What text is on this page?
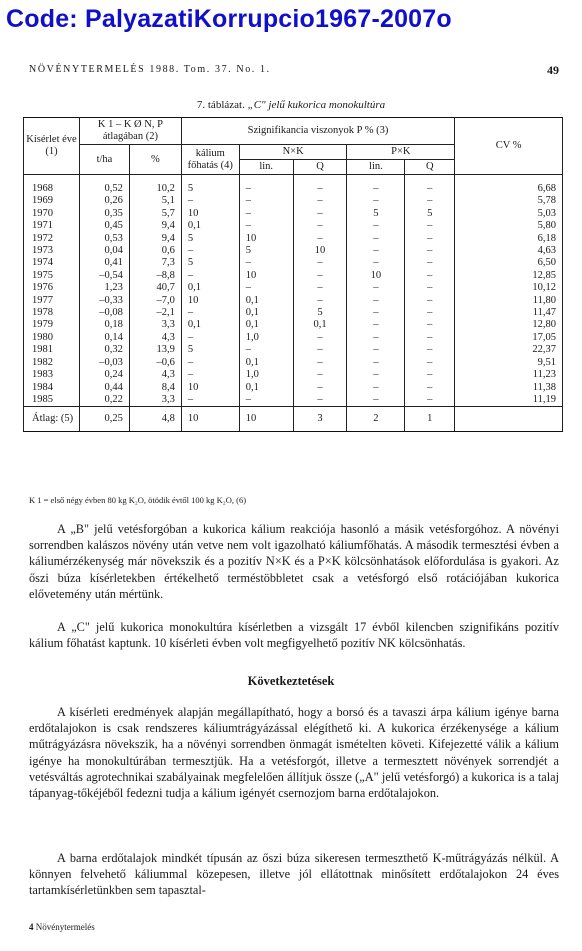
Code: PalyazatiKorrupcio1967-2007o
NÖVÉNYTERMELÉS 1988. Tom. 37. No. 1.	49
7. táblázat. „C" jelű kukorica monokultúra
Kísérlet éve (1)	K 1 – K Ø N, P átlagában (2)		Szignifikancia viszonyok P % (3)					CV %
	t/ha	%	kálium főhatás (4)	N×K		P×K		
				lin.	Q	lin.	Q	
1968	0,52	10,2	5	–	–	–	–	6,68
1969	0,26	5,1	–	–	–	–	–	5,78
1970	0,35	5,7	10	–	–	5	5	5,03
1971	0,45	9,4	0,1	–	–	–	–	5,80
1972	0,53	9,4	5	10	–	–	–	6,18
1973	0,04	0,6	–	5	10	–	–	4,63
1974	0,41	7,3	5	–	–	–	–	6,50
1975	–0,54	–8,8	–	10	–	10	–	12,85
1976	1,23	40,7	0,1	–	–	–	–	10,12
1977	–0,33	–7,0	10	0,1	–	–	–	11,80
1978	–0,08	–2,1	–	0,1	5	–	–	11,47
1979	0,18	3,3	0,1	0,1	0,1	–	–	12,80
1980	0,14	4,3	–	1,0	–	–	–	17,05
1981	0,32	13,9	5	–	–	–	–	22,37
1982	–0,03	–0,6	–	0,1	–	–	–	9,51
1983	0,24	4,3	–	1,0	–	–	–	11,23
1984	0,44	8,4	10	0,1	–	–	–	11,38
1985	0,22	3,3	–	–	–	–	–	11,19
Átlag: (5)	0,25	4,8	10	10	3	2	1	
K 1 = első négy évben 80 kg K₂O, ötödik évtől 100 kg K₂O, (6)

A „B" jelű vetésforgóban a kukorica kálium reakciója hasonló a másik vetésforgóhoz. A növényi sorrendben kalászos növény után vetve nem volt igazolható káliumfőhatás. A második termesztési évben a káliumérzékenység már növekszik és a pozitív N×K és a P×K kölcsönhatások előfordulása is gyakori. Az őszi búza kísérletekben értékelhető terméstöbbletet csak a vetésforgó első rotációjában kukorica elővetemény után mértünk.

A „C" jelű kukorica monokultúra kísérletben a vizsgált 17 évből kilencben szignifikáns pozitív kálium főhatást kaptunk. 10 kísérleti évben volt megfigyelhető pozitív NK kölcsönhatás.

Következtetések

A kísérleti eredmények alapján megállapítható, hogy a borsó és a tavaszi árpa kálium igénye barna erdőtalajokon is csak rendszeres káliumtrágyázással elégíthető ki. A kukorica érzékenysége a kálium műtrágyázásra növekszik, ha a növényi sorrendben önmagát ismételten követi. Kifejezetté válik a kálium igénye ha monokultúrában termesztjük. Ha a vetésforgót, illetve a termesztett növények sorrendjét a vetésváltás agrotechnikai szabályainak megfelelően állítjuk össze („A" jelű vetésforgó) a kukorica is a talaj tápanyag-tőkéjéből fedezni tudja a kálium igényét csernozjom barna erdőtalajokon.

A barna erdőtalajok mindkét típusán az őszi búza sikeresen termeszthető K-műtrágyázás nélkül. A könnyen felvehető káliummal közepesen, illetve jól ellátottnak minősített erdőtalajokon 24 éves tartamkísérletünkben sem tapasztal-

4 Növénytermelés
